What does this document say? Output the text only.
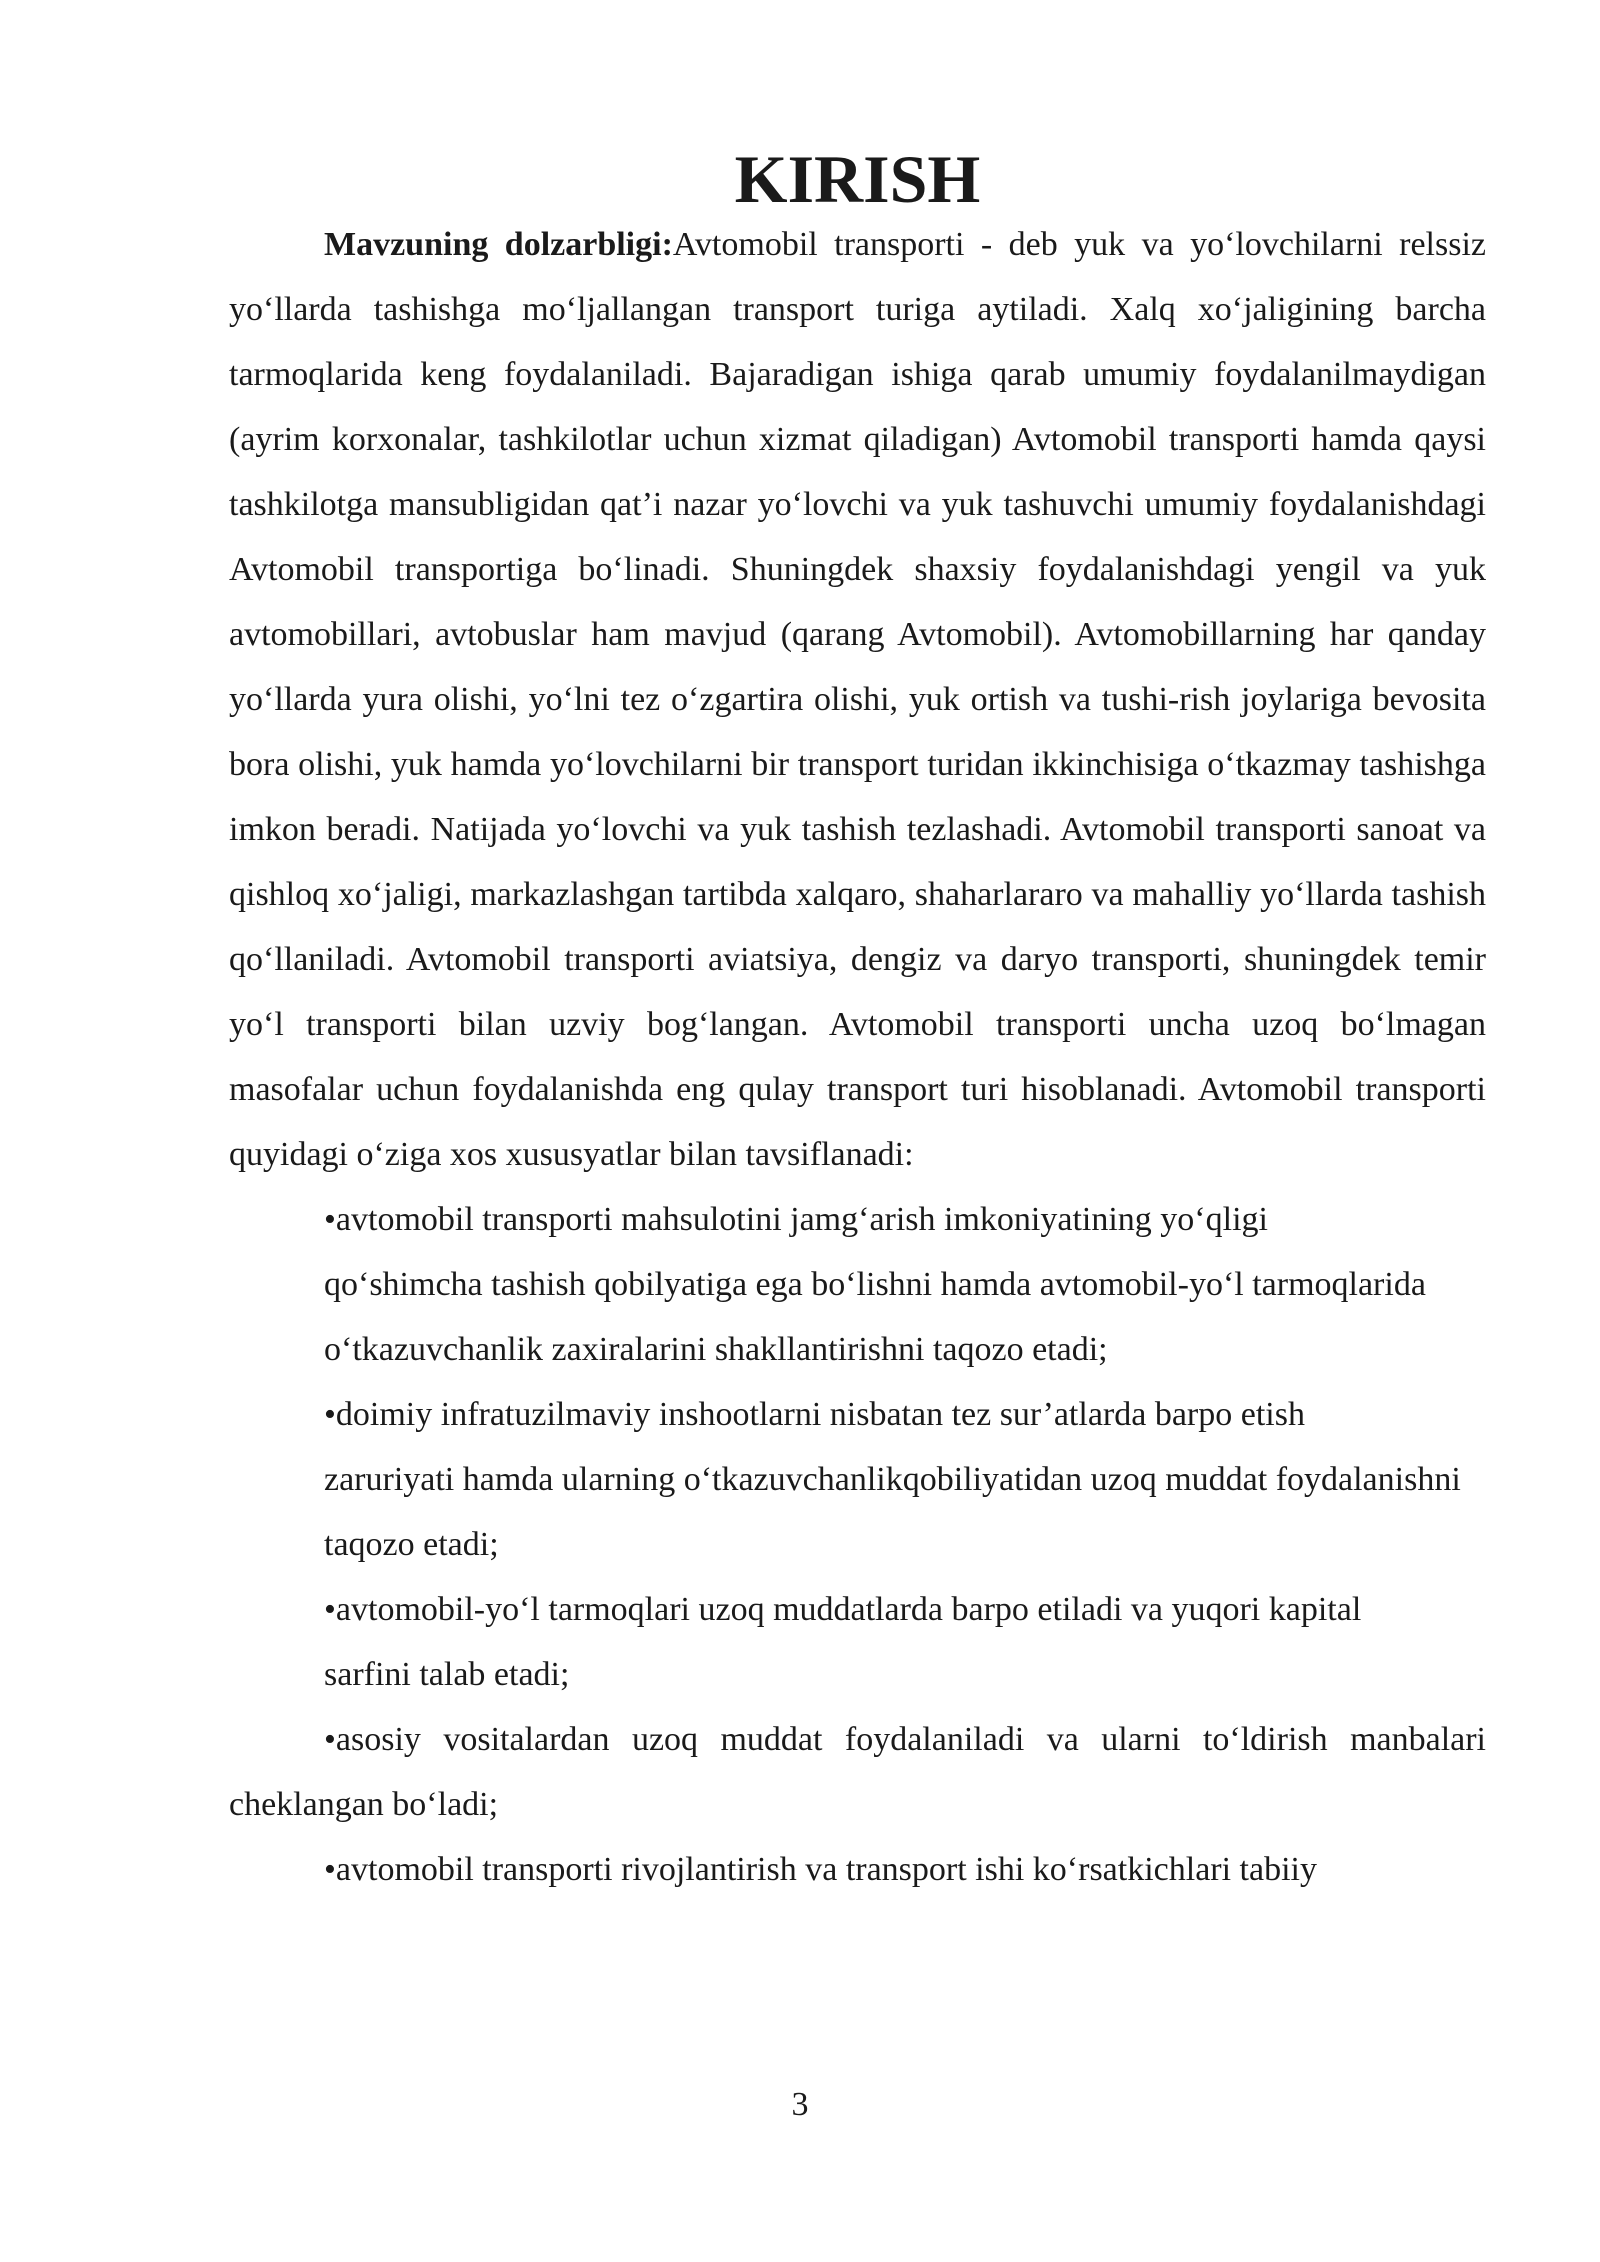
KIRISH

Mavzuning dolzarbligi:Avtomobil transporti - deb yuk va yo‘lovchilarni relssiz yo‘llarda tashishga mo‘ljallangan transport turiga aytiladi. Xalq xo‘jaligining barcha tarmoqlarida keng foydalaniladi. Bajaradigan ishiga qarab umumiy foydalanilmaydigan (ayrim korxonalar, tashkilotlar uchun xizmat qiladigan) Avtomobil transporti hamda qaysi tashkilotga mansubligidan qat’i nazar yo‘lovchi va yuk tashuvchi umumiy foydalanishdagi Avtomobil transportiga bo‘linadi. Shuningdek shaxsiy foydalanishdagi yengil va yuk avtomobillari, avtobuslar ham mavjud (qarang Avtomobil). Avtomobillarning har qanday yo‘llarda yura olishi, yo‘lni tez o‘zgartira olishi, yuk ortish va tushi-rish joylariga bevosita bora olishi, yuk hamda yo‘lovchilarni bir transport turidan ikkinchisiga o‘tkazmay tashishga imkon beradi. Natijada yo‘lovchi va yuk tashish tezlashadi. Avtomobil transporti sanoat va qishloq xo‘jaligi, markazlashgan tartibda xalqaro, shaharlararo va mahalliy yo‘llarda tashish qo‘llaniladi. Avtomobil transporti aviatsiya, dengiz va daryo transporti, shuningdek temir yo‘l transporti bilan uzviy bog‘langan. Avtomobil transporti uncha uzoq bo‘lmagan masofalar uchun foydalanishda eng qulay transport turi hisoblanadi. Avtomobil transporti quyidagi o‘ziga xos xususyatlar bilan tavsiflanadi:

•avtomobil transporti mahsulotini jamg‘arish imkoniyatining yo‘qligi

qo‘shimcha tashish qobilyatiga ega bo‘lishni hamda avtomobil-yo‘l tarmoqlarida

o‘tkazuvchanlik zaxiralarini shakllantirishni taqozo etadi;

•doimiy infratuzilmaviy inshootlarni nisbatan tez sur’atlarda barpo etish

zaruriyati hamda ularning o‘tkazuvchanlikqobiliyatidan uzoq muddat foydalanishni

taqozo etadi;

•avtomobil-yo‘l tarmoqlari uzoq muddatlarda barpo etiladi va yuqori kapital

sarfini talab etadi;

•asosiy vositalardan uzoq muddat foydalaniladi va ularni to‘ldirish manbalari cheklangan bo‘ladi;

•avtomobil transporti rivojlantirish va transport ishi ko‘rsatkichlari tabiiy

3
